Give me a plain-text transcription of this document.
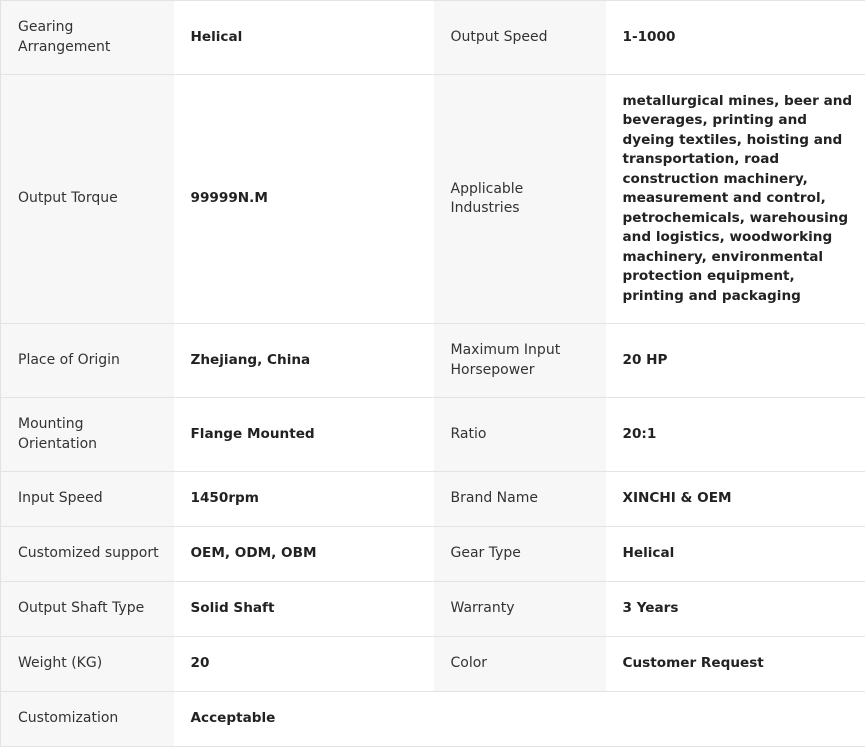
Gearing Arrangement	Helical	Output Speed	1-1000
Output Torque	99999N.M	Applicable Industries	metallurgical mines, beer and beverages, printing and dyeing textiles, hoisting and transportation, road construction machinery, measurement and control, petrochemicals, warehousing and logistics, woodworking machinery, environmental protection equipment, printing and packaging
Place of Origin	Zhejiang, China	Maximum Input Horsepower	20 HP
Mounting Orientation	Flange Mounted	Ratio	20:1
Input Speed	1450rpm	Brand Name	XINCHI & OEM
Customized support	OEM, ODM, OBM	Gear Type	Helical
Output Shaft Type	Solid Shaft	Warranty	3 Years
Weight (KG)	20	Color	Customer Request
Customization	Acceptable		
